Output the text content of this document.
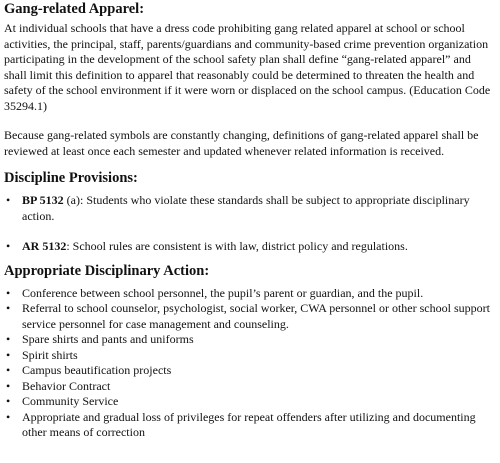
Gang-related Apparel:

At individual schools that have a dress code prohibiting gang related apparel at school or school activities, the principal, staff, parents/guardians and community-based crime prevention organization participating in the development of the school safety plan shall define “gang-related apparel” and shall limit this definition to apparel that reasonably could be determined to threaten the health and safety of the school environment if it were worn or displaced on the school campus. (Education Code 35294.1)

Because gang-related symbols are constantly changing, definitions of gang-related apparel shall be reviewed at least once each semester and updated whenever related information is received.

Discipline Provisions:
• BP 5132 (a): Students who violate these standards shall be subject to appropriate disciplinary action.
• AR 5132: School rules are consistent is with law, district policy and regulations.
Appropriate Disciplinary Action:
• Conference between school personnel, the pupil’s parent or guardian, and the pupil.
• Referral to school counselor, psychologist, social worker, CWA personnel or other school support service personnel for case management and counseling.
• Spare shirts and pants and uniforms
• Spirit shirts
• Campus beautification projects
• Behavior Contract
• Community Service
• Appropriate and gradual loss of privileges for repeat offenders after utilizing and documenting other means of correction
